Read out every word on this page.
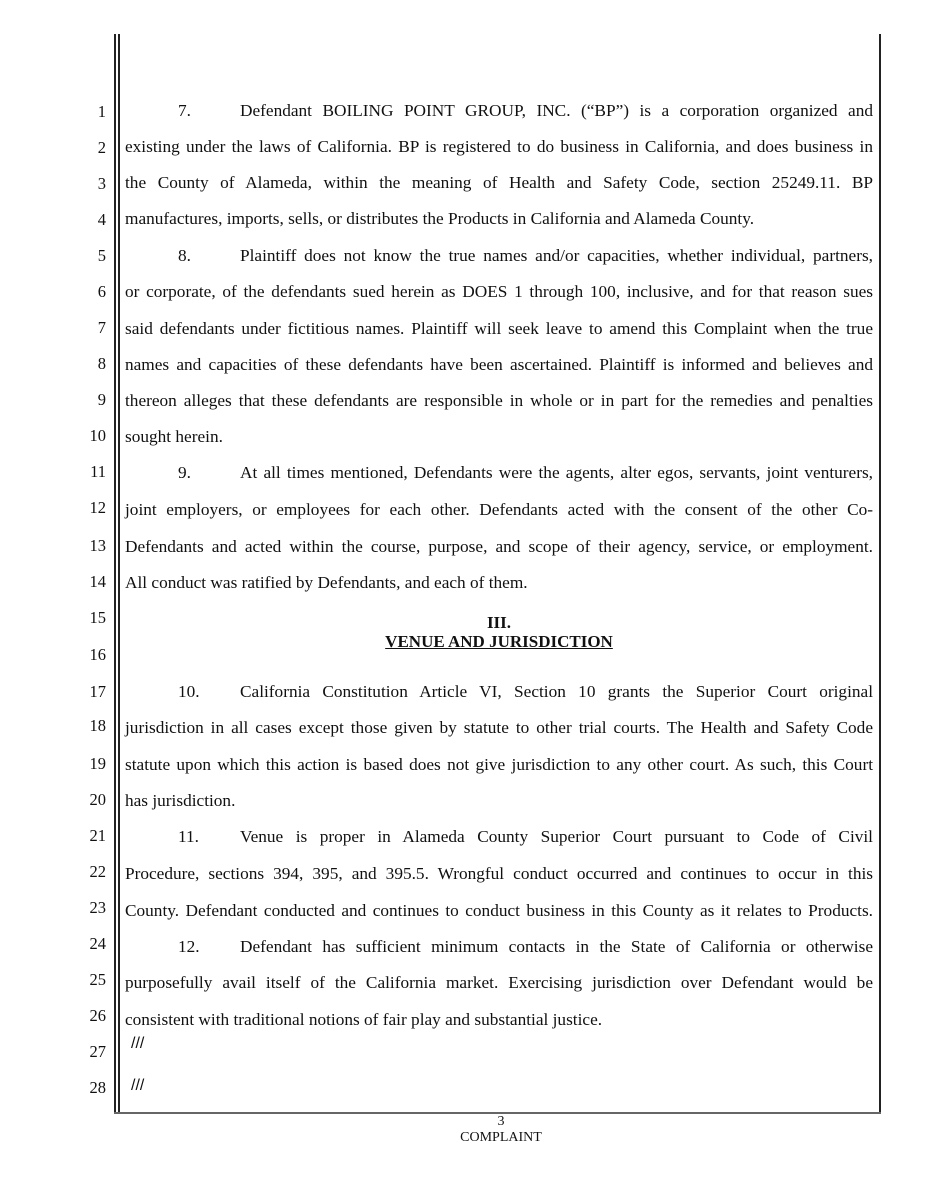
1
2
3
4
5
6
7
8
9
10
11
12
13
14
15
16
17
18
19
20
21
22
23
24
25
26
27
28
7.	Defendant BOILING POINT GROUP, INC. (“BP”) is a corporation organized and
existing under the laws of California. BP is registered to do business in California, and does business in
the County of Alameda, within the meaning of Health and Safety Code, section 25249.11. BP
manufactures, imports, sells, or distributes the Products in California and Alameda County.
8.	Plaintiff does not know the true names and/or capacities, whether individual, partners,
or corporate, of the defendants sued herein as DOES 1 through 100, inclusive, and for that reason sues
said defendants under fictitious names. Plaintiff will seek leave to amend this Complaint when the true
names and capacities of these defendants have been ascertained. Plaintiff is informed and believes and
thereon alleges that these defendants are responsible in whole or in part for the remedies and penalties
sought herein.
9.	At all times mentioned, Defendants were the agents, alter egos, servants, joint venturers,
joint employers, or employees for each other. Defendants acted with the consent of the other Co-
Defendants and acted within the course, purpose, and scope of their agency, service, or employment.
All conduct was ratified by Defendants, and each of them.
III.
VENUE AND JURISDICTION
10. California Constitution Article VI, Section 10 grants the Superior Court original
jurisdiction in all cases except those given by statute to other trial courts. The Health and Safety Code
statute upon which this action is based does not give jurisdiction to any other court. As such, this Court
has jurisdiction.
11. Venue is proper in Alameda County Superior Court pursuant to Code of Civil
Procedure, sections 394, 395, and 395.5. Wrongful conduct occurred and continues to occur in this
County. Defendant conducted and continues to conduct business in this County as it relates to Products.
12. Defendant has sufficient minimum contacts in the State of California or otherwise
purposefully avail itself of the California market. Exercising jurisdiction over Defendant would be
consistent with traditional notions of fair play and substantial justice.
///
///
3
COMPLAINT
